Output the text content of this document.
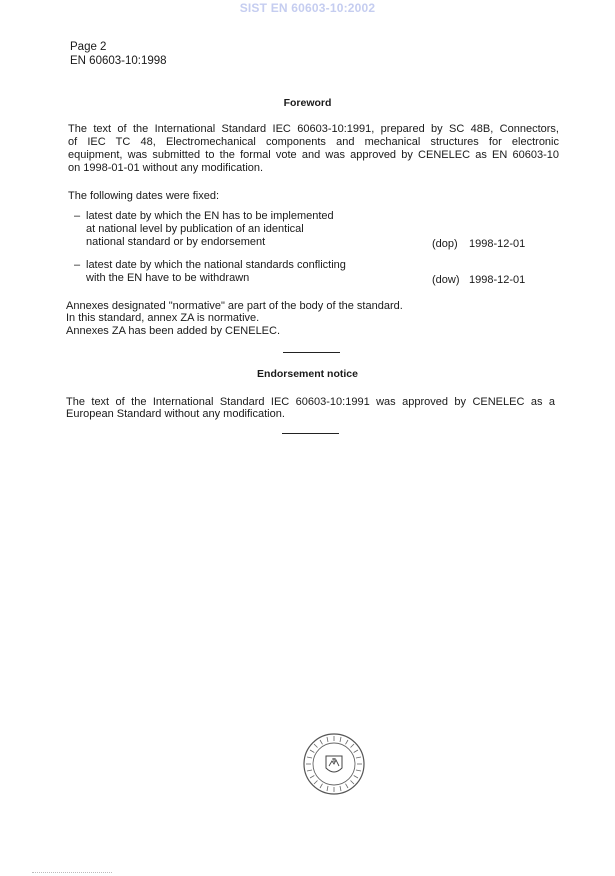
SIST EN 60603-10:2002
Page 2
EN 60603-10:1998
Foreword
The text of the International Standard IEC 60603-10:1991, prepared by SC 48B, Connectors,
of IEC TC 48, Electromechanical components and mechanical structures for electronic
equipment, was submitted to the formal vote and was approved by CENELEC as EN 60603-10
on 1998-01-01 without any modification.
The following dates were fixed:
– latest date by which the EN has to be implemented
at national level by publication of an identical
national standard or by endorsement	(dop) 1998-12-01
– latest date by which the national standards conflicting
with the EN have to be withdrawn	(dow) 1998-12-01
Annexes designated "normative" are part of the body of the standard.
In this standard, annex ZA is normative.
Annexes ZA has been added by CENELEC.
Endorsement notice
The text of the International Standard IEC 60603-10:1991 was approved by CENELEC as a
European Standard without any modification.
